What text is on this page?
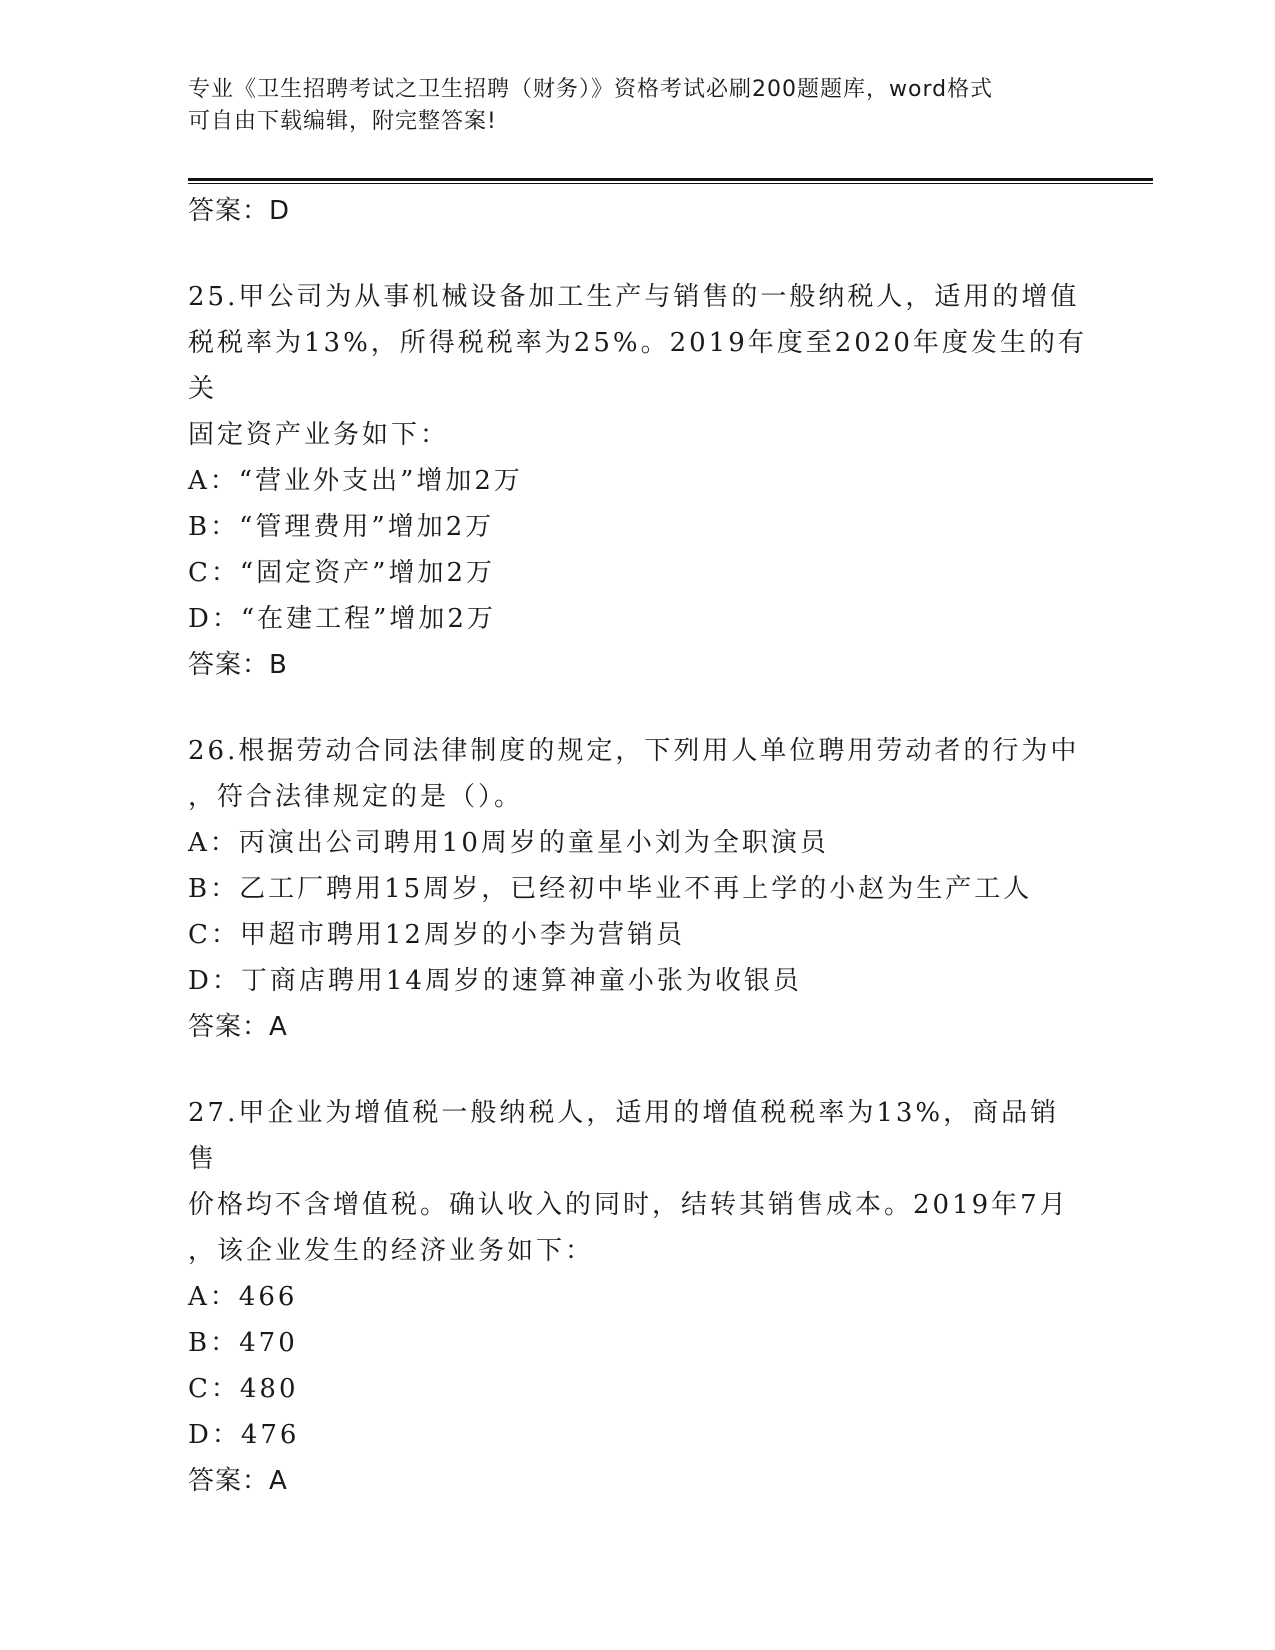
专业《卫生招聘考试之卫生招聘（财务）》资格考试必刷200题题库，word格式
可自由下载编辑，附完整答案!
答案：D
25.甲公司为从事机械设备加工生产与销售的一般纳税人，适用的增值
税税率为13%，所得税税率为25%。2019年度至2020年度发生的有关
固定资产业务如下：
A：“营业外支出”增加2万
B：“管理费用”增加2万
C：“固定资产”增加2万
D：“在建工程”增加2万
答案：B
26.根据劳动合同法律制度的规定，下列用人单位聘用劳动者的行为中
，符合法律规定的是（）。
A：丙演出公司聘用10周岁的童星小刘为全职演员
B：乙工厂聘用15周岁，已经初中毕业不再上学的小赵为生产工人
C：甲超市聘用12周岁的小李为营销员
D：丁商店聘用14周岁的速算神童小张为收银员
答案：A
27.甲企业为增值税一般纳税人，适用的增值税税率为13%，商品销售
价格均不含增值税。确认收入的同时，结转其销售成本。2019年7月
，该企业发生的经济业务如下：
A：466
B：470
C：480
D：476
答案：A
